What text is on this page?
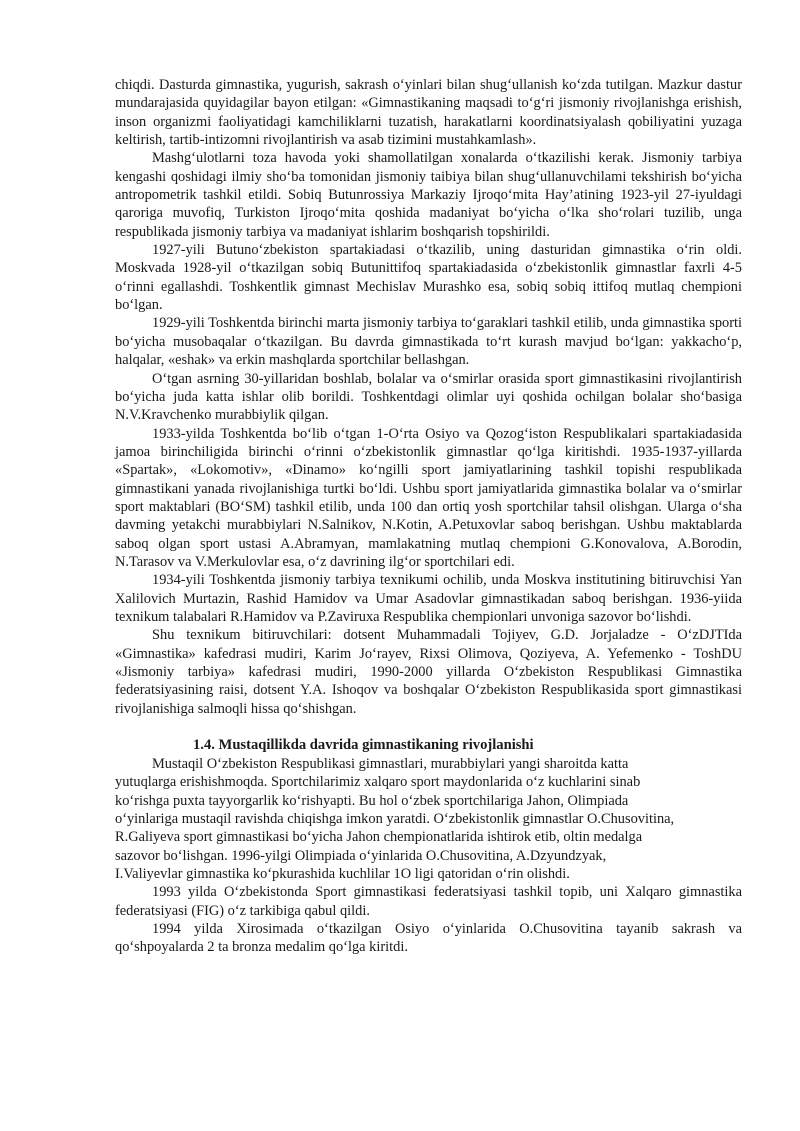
chiqdi. Dasturda gimnastika, yugurish, sakrash o‘yinlari bilan shug‘ullanish ko‘zda tutilgan. Mazkur dastur mundarajasida quyidagilar bayon etilgan: «Gimnastikaning maqsadi to‘g‘ri jismoniy rivojlanishga erishish, inson organizmi faoliyatidagi kamchiliklarni tuzatish, harakatlarni koordinatsiyalash qobiliyatini yuzaga keltirish, tartib-intizomni rivojlantirish va asab tizimini mustahkamlash».

Mashg‘ulotlarni toza havoda yoki shamollatilgan xonalarda o‘tkazilishi kerak. Jismoniy tarbiya kengashi qoshidagi ilmiy sho‘ba tomonidan jismoniy taibiya bilan shug‘ullanuvchilami tekshirish bo‘yicha antropometrik tashkil etildi. Sobiq Butunrossiya Markaziy Ijroqo‘mita Hay’atining 1923-yil 27-iyuldagi qaroriga muvofiq, Turkiston Ijroqo‘mita qoshida madaniyat bo‘yicha o‘lka sho‘rolari tuzilib, unga respublikada jismoniy tarbiya va madaniyat ishlarim boshqarish topshirildi.

1927-yili Butuno‘zbekiston spartakiadasi o‘tkazilib, uning dasturidan gimnastika o‘rin oldi. Moskvada 1928-yil o‘tkazilgan sobiq Butunittifoq spartakiadasida o‘zbekistonlik gimnastlar faxrli 4-5 o‘rinni egallashdi. Toshkentlik gimnast Mechislav Murashko esa, sobiq sobiq ittifoq mutlaq chempioni bo‘lgan.

1929-yili Toshkentda birinchi marta jismoniy tarbiya to‘garaklari tashkil etilib, unda gimnastika sporti bo‘yicha musobaqalar o‘tkazilgan. Bu davrda gimnastikada to‘rt kurash mavjud bo‘lgan: yakkacho‘p, halqalar, «eshak» va erkin mashqlarda sportchilar bellashgan.

O‘tgan asrning 30-yillaridan boshlab, bolalar va o‘smirlar orasida sport gimnastikasini rivojlantirish bo‘yicha juda katta ishlar olib borildi. Toshkentdagi olimlar uyi qoshida ochilgan bolalar sho‘basiga N.V.Kravchenko murabbiylik qilgan.

1933-yilda Toshkentda bo‘lib o‘tgan 1-O‘rta Osiyo va Qozog‘iston Respublikalari spartakiadasida jamoa birinchiligida birinchi o‘rinni o‘zbekistonlik gimnastlar qo‘lga kiritishdi. 1935-1937-yillarda «Spartak», «Lokomotiv», «Dinamo» ko‘ngilli sport jamiyatlarining tashkil topishi respublikada gimnastikani yanada rivojlanishiga turtki bo‘ldi. Ushbu sport jamiyatlarida gimnastika bolalar va o‘smirlar sport maktablari (BO‘SM) tashkil etilib, unda 100 dan ortiq yosh sportchilar tahsil olishgan. Ularga o‘sha davming yetakchi murabbiylari N.Salnikov, N.Kotin, A.Petuxovlar saboq berishgan. Ushbu maktablarda saboq olgan sport ustasi A.Abramyan, mamlakatning mutlaq chempioni G.Konovalova, A.Borodin, N.Tarasov va V.Merkulovlar esa, o‘z davrining ilg‘or sportchilari edi.

1934-yili Toshkentda jismoniy tarbiya texnikumi ochilib, unda Moskva institutining bitiruvchisi Yan Xalilovich Murtazin, Rashid Hamidov va Umar Asadovlar gimnastikadan saboq berishgan. 1936-yiida texnikum talabalari R.Hamidov va P.Zaviruxa Respublika chempionlari unvoniga sazovor bo‘lishdi.

Shu texnikum bitiruvchilari: dotsent Muhammadali Tojiyev, G.D. Jorjaladze - O‘zDJTIda «Gimnastika» kafedrasi mudiri, Karim Jo‘rayev, Rixsi Olimova, Qoziyeva, A. Yefemenko - ToshDU «Jismoniy tarbiya» kafedrasi mudiri, 1990-2000 yillarda O‘zbekiston Respublikasi Gimnastika federatsiyasining raisi, dotsent Y.A. Ishoqov va boshqalar O‘zbekiston Respublikasida sport gimnastikasi rivojlanishiga salmoqli hissa qo‘shishgan.

1.4. Mustaqillikda davrida gimnastikaning rivojlanishi
Mustaqil O‘zbekiston Respublikasi gimnastlari, murabbiylari yangi sharoitda katta
yutuqlarga erishishmoqda. Sportchilarimiz xalqaro sport maydonlarida o‘z kuchlarini sinab
ko‘rishga puxta tayyorgarlik ko‘rishyapti. Bu hol o‘zbek sportchilariga Jahon, Olimpiada
o‘yinlariga mustaqil ravishda chiqishga imkon yaratdi. O‘zbekistonlik gimnastlar O.Chusovitina,
R.Galiyeva sport gimnastikasi bo‘yicha Jahon chempionatlarida ishtirok etib, oltin medalga
sazovor bo‘lishgan. 1996-yilgi Olimpiada o‘yinlarida O.Chusovitina, A.Dzyundzyak,
I.Valiyevlar gimnastika ko‘pkurashida kuchlilar 1O ligi qatoridan o‘rin olishdi.

1993 yilda O‘zbekistonda Sport gimnastikasi federatsiyasi tashkil topib, uni Xalqaro gimnastika federatsiyasi (FIG) o‘z tarkibiga qabul qildi.

1994 yilda Xirosimada o‘tkazilgan Osiyo o‘yinlarida O.Chusovitina tayanib sakrash va qo‘shpoyalarda 2 ta bronza medalim qo‘lga kiritdi.
